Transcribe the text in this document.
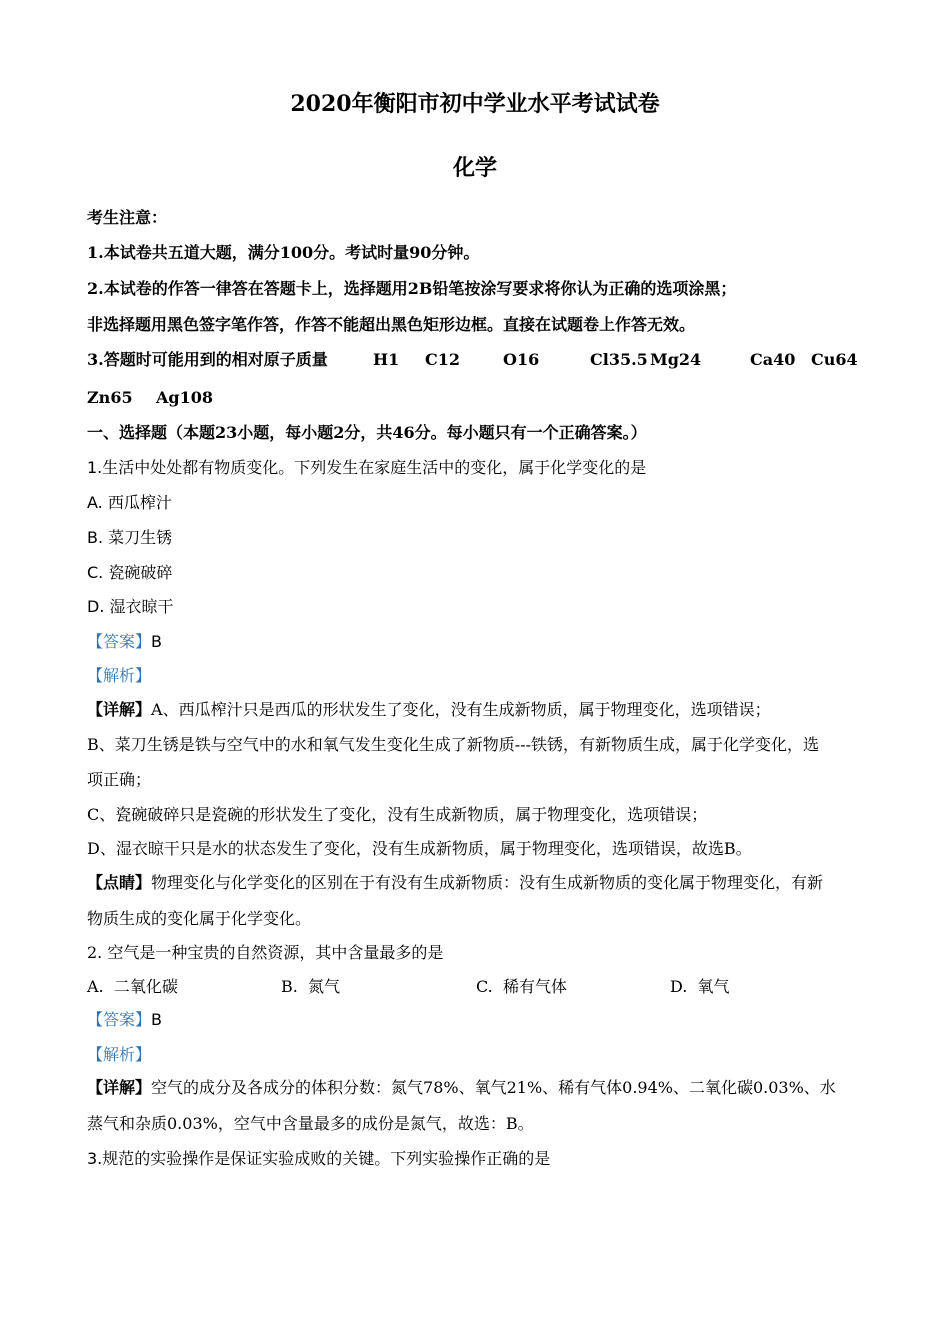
2020年衡阳市初中学业水平考试试卷
化学
考生注意：
1.本试卷共五道大题，满分100分。考试时量90分钟。
2.本试卷的作答一律答在答题卡上，选择题用2B铅笔按涂写要求将你认为正确的选项涂黑；
非选择题用黑色签字笔作答，作答不能超出黑色矩形边框。直接在试题卷上作答无效。
3.答题时可能用到的相对原子质量	H1 C12	O16	Cl35.5 Mg24	Ca40 Cu64
Zn65 Ag108
一、选择题（本题23小题，每小题2分，共46分。每小题只有一个正确答案。）
1.生活中处处都有物质变化。下列发生在家庭生活中的变化，属于化学变化的是
A. 西瓜榨汁
B. 菜刀生锈
C. 瓷碗破碎
D. 湿衣晾干
【答案】B
【解析】
【详解】A、西瓜榨汁只是西瓜的形状发生了变化，没有生成新物质，属于物理变化，选项错误；
B、菜刀生锈是铁与空气中的水和氧气发生变化生成了新物质---铁锈，有新物质生成，属于化学变化，选
项正确；
C、瓷碗破碎只是瓷碗的形状发生了变化，没有生成新物质，属于物理变化，选项错误；
D、湿衣晾干只是水的状态发生了变化，没有生成新物质，属于物理变化，选项错误，故选B。
【点睛】物理变化与化学变化的区别在于有没有生成新物质：没有生成新物质的变化属于物理变化，有新
物质生成的变化属于化学变化。
2. 空气是一种宝贵的自然资源，其中含量最多的是
A. 二氧化碳	B. 氮气	C. 稀有气体	D. 氧气
【答案】B
【解析】
【详解】空气的成分及各成分的体积分数：氮气78%、氧气21%、稀有气体0.94%、二氧化碳0.03%、水
蒸气和杂质0.03%，空气中含量最多的成份是氮气，故选：B。
3.规范的实验操作是保证实验成败的关键。下列实验操作正确的是
